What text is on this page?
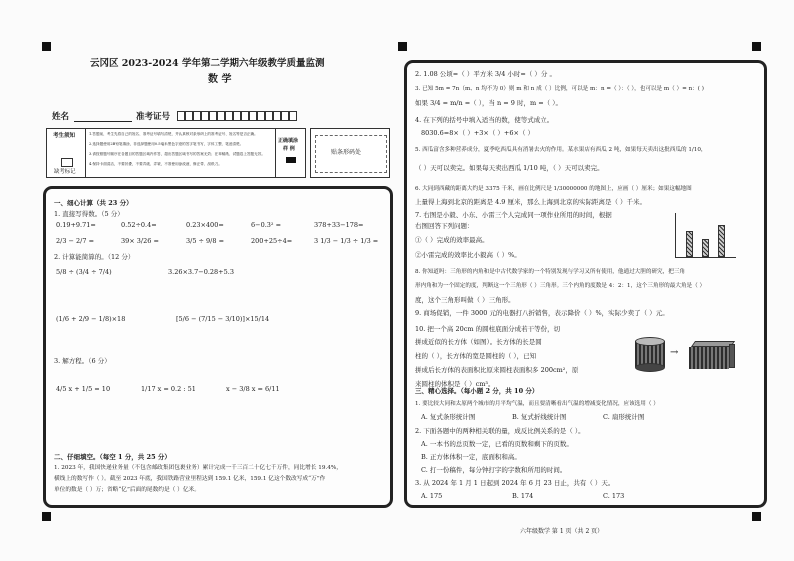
云冈区 2023-2024 学年第二学期六年级教学质量监测
数 学
姓名	准考证号
考生须知
缺考标记
1.答题前，考生先将自己的姓名、准考证号填写清楚，并认真核对条形码上的准考证号、姓名等是否正确。
2.选择题使用2B铅笔填涂，非选择题使用0.5毫米黑色字迹的签字笔书写，字体工整、笔迹清楚。
3.请按照题号顺序在各题目的答题区域内作答，超出答题区域书写的答案无效；在草稿纸、试题卷上答题无效。
4.保持卡面清洁，不要折叠，不要弄破、弄皱，不准使用涂改液、修正带、刮纸刀。
正确填涂
样 例	贴条形码处
一、细心计算（共 23 分）
1. 直接写得数。（5 分）
0.19+9.71=	0.52÷0.4=	0.23×400=	6−0.3² =	378+33−178=
2/3 − 2/7 =	39× 3/26 =	3/5 ÷ 9/8 =	200+25÷4=	3 1/3 − 1/3 ÷ 1/3 =
2. 计算能简算的。（12 分）
5/8 ÷ (3/4 ÷ 7/4)	3.26×3.7−0.28+5.3
(1/6 + 2/9 − 1/8)×18	[5/6 − (7/15 − 3/10)]×15/14
3. 解方程。（6 分）
4/5 x + 1/5 = 10	1/17 x = 0.2 : 51	x − 3/8 x = 6/11
二、仔细填空。（每空 1 分，共 25 分）
1. 2023 年，我国快递业务量（不包含邮政集团包裹业务）累计完成一千三百二十亿七千万件，同比增长 19.4%，
横线上的数写作（ ）。截至 2023 年底，我国铁路营业里程达到 159.1 亿米，159.1 亿这个数改写成“万”作
单位的数是（ ）万；省略“亿”后面的尾数约是（ ）亿米。
2. 1.08 公顷=（ ）平方米 3/4 小时=（ ）分 。
3. 已知 5m = 7n（m、n 均不为 0）则 m 和 n 成（ ）比例，可以是 m：n =（ ）：（ ），也可以是 m（ ）= n：( )
如果 3/4 = m/n =（ ），当 n = 9 时，m =（ ）。
4. 在下列的括号中填入适当的数，使等式成立。
8030.6=8×（ ）+3×（ ）+6×（ ）
5. 西瓜富含多种营养成分，夏季吃西瓜具有消暑去火的作用。某水果店有西瓜 2 吨，如果每天卖出这批西瓜的 1/10，
（ ）天可以卖完。如果每天卖出西瓜 1/10 吨，（ ）天可以卖完。
6. 大同到西藏的距离大约是 3375 千米，画在比例尺是 1/30000000 的地图上，应画（ ）厘米；如果这幅地图
上量得上海到北京的距离是 4.9 厘米，那么上海到北京的实际距离是（ ）千米。
7. 右图是小毅、小东、小雷三个人完成同一项作业所用的时间，根据
右图回答下列问题：
①（ ）完成的效率最高。
②小雷完成的效率比小毅高（ ）%。
8. 你知道吗：三角形的内角和是中古代数学家的一个特别发现与学习又所有使用，他通过大胆的研究，把三角
形内角和为一个固定的度，判断这一个三角形（ ）三角形。三个内角的度数是 4：2：1，这个三角形的最大角是（ ）
度，这个三角形叫做（ ）三角形。
9. 商场促销，一件 3000 元的电器打八折销售，表示降价（ ）%，实际少卖了（ ）元。
10. 把一个高 20cm 的圆柱底面分成若干等份，切
拼成近似的长方体（如图）。长方体的长是圆
柱的（ ），长方体的宽是圆柱的（ ），已知
拼成后长方体的表面积比原来圆柱表面积多 200cm²，原
来圆柱的体积是（ ）cm³。
→
三、精心选择。（每小题 2 分，共 10 分）
1. 要比较大同和太原两个城市的月平均气温，而且要清晰看出气温的增减变化情况，应该选用（ ）
A. 复式条形统计图	B. 复式折线统计图	C. 扇形统计图
2. 下面各题中的两种相关联的量，成反比例关系的是（ ）。
A. 一本书的总页数一定，已看的页数和剩下的页数。
B. 正方体体积一定，底面积和高。
C. 打一份稿件，每分钟打字的字数和所用的时间。
3. 从 2024 年 1 月 1 日起到 2024 年 6 月 23 日止，共有（ ）天。
A. 175	B. 174	C. 173
六年级数学 第 1 页（共 2 页）
